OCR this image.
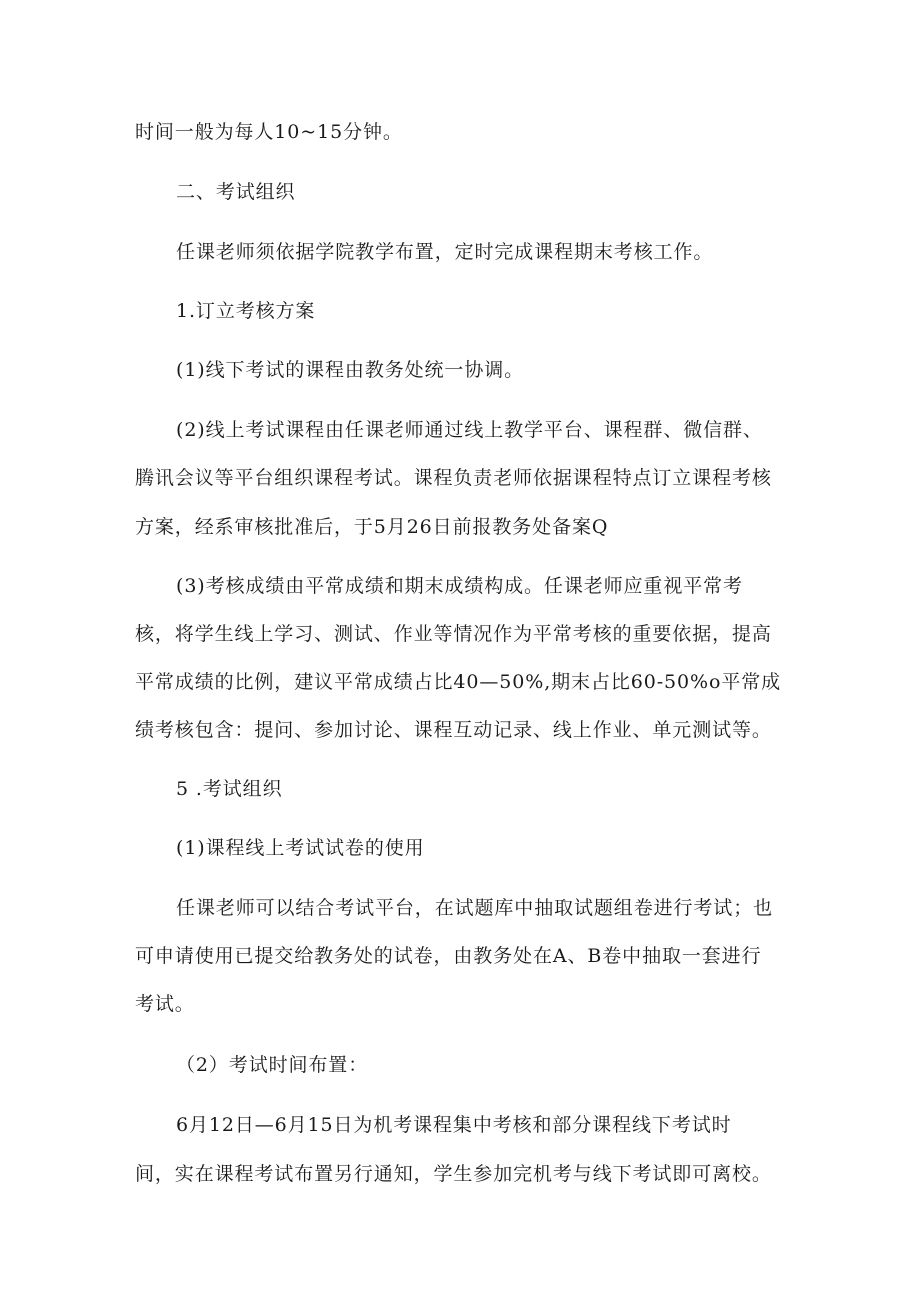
时间一般为每人10~15分钟。
二、考试组织
任课老师须依据学院教学布置，定时完成课程期末考核工作。
1.订立考核方案
(1)线下考试的课程由教务处统一协调。
(2)线上考试课程由任课老师通过线上教学平台、课程群、微信群、
腾讯会议等平台组织课程考试。课程负责老师依据课程特点订立课程考核
方案，经系审核批准后，于5月26日前报教务处备案Q
(3)考核成绩由平常成绩和期末成绩构成。任课老师应重视平常考
核，将学生线上学习、测试、作业等情况作为平常考核的重要依据，提高
平常成绩的比例，建议平常成绩占比40—50%,期末占比60-50%o平常成
绩考核包含：提问、参加讨论、课程互动记录、线上作业、单元测试等。
5 .考试组织
(1)课程线上考试试卷的使用
任课老师可以结合考试平台，在试题库中抽取试题组卷进行考试；也
可申请使用已提交给教务处的试卷，由教务处在A、B卷中抽取一套进行
考试。
（2）考试时间布置：
6月12日—6月15日为机考课程集中考核和部分课程线下考试时
间，实在课程考试布置另行通知，学生参加完机考与线下考试即可离校。
